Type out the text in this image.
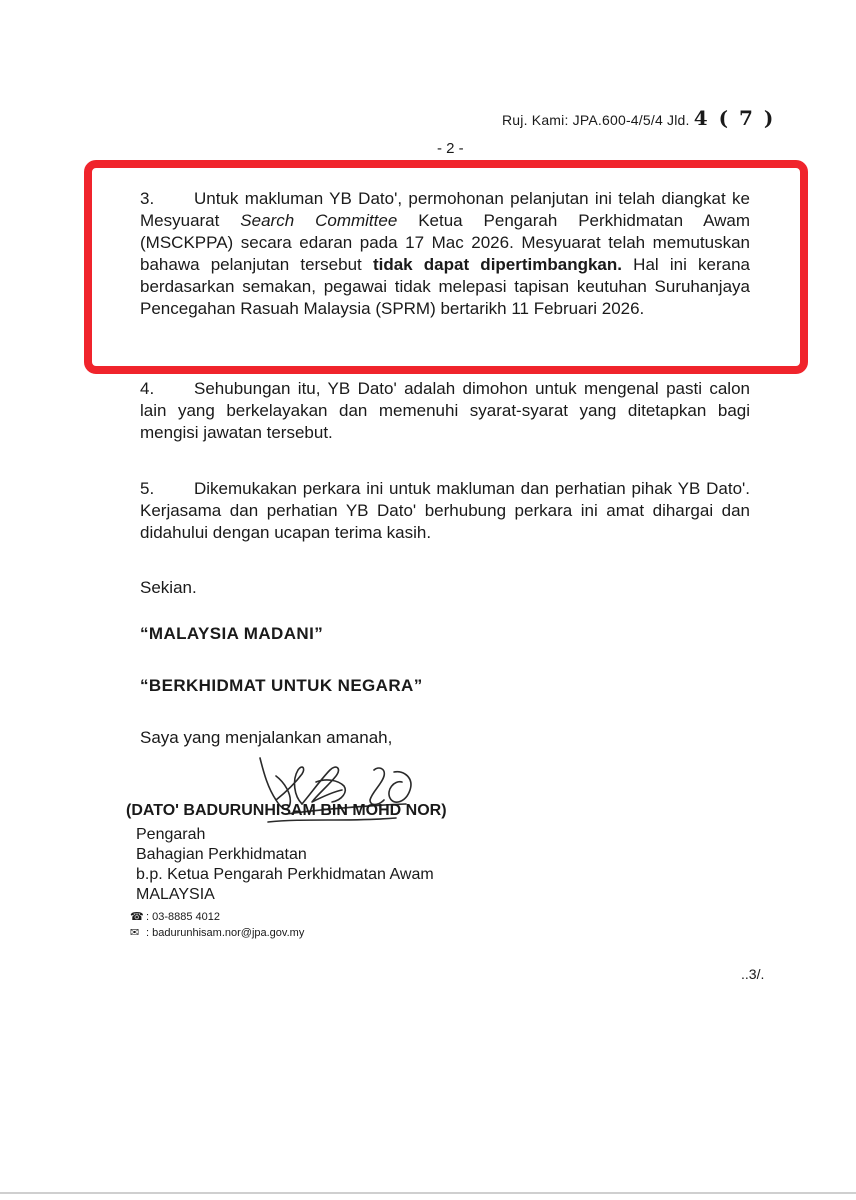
Ruj. Kami: JPA.600-4/5/4 Jld. 4 ( 7 )
- 2 -

3. Untuk makluman YB Dato', permohonan pelanjutan ini telah diangkat ke Mesyuarat Search Committee Ketua Pengarah Perkhidmatan Awam (MSCKPPA) secara edaran pada 17 Mac 2026. Mesyuarat telah memutuskan bahawa pelanjutan tersebut tidak dapat dipertimbangkan. Hal ini kerana berdasarkan semakan, pegawai tidak melepasi tapisan keutuhan Suruhanjaya Pencegahan Rasuah Malaysia (SPRM) bertarikh 11 Februari 2026.

4. Sehubungan itu, YB Dato' adalah dimohon untuk mengenal pasti calon lain yang berkelayakan dan memenuhi syarat-syarat yang ditetapkan bagi mengisi jawatan tersebut.

5. Dikemukakan perkara ini untuk makluman dan perhatian pihak YB Dato'. Kerjasama dan perhatian YB Dato' berhubung perkara ini amat dihargai dan didahului dengan ucapan terima kasih.

Sekian.
“MALAYSIA MADANI”
“BERKHIDMAT UNTUK NEGARA”
Saya yang menjalankan amanah,
(DATO' BADURUNHISAM BIN MOHD NOR)
Pengarah
Bahagian Perkhidmatan
b.p. Ketua Pengarah Perkhidmatan Awam
MALAYSIA
☎ : 03-8885 4012
✉ : badurunhisam.nor@jpa.gov.my
..3/.
